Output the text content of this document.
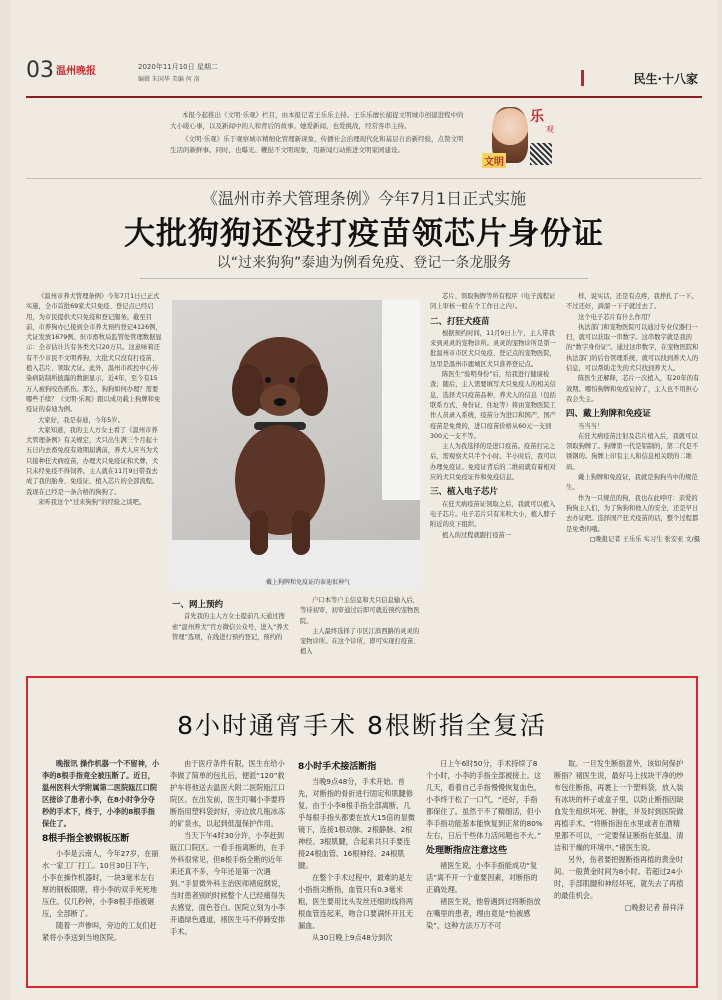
03 温州晚报	2020年11月10日 星期二
编辑 朱国华 美编 何 洛	民生·十八家

本报今起推出《文明·乐观》栏目，由本报记者王乐乐主持。王乐乐擅长捕捉文明城市创建进程中的大小暖心事，以及新闻中的人和背后的故事。她爱新闻，也爱挑战，经常客串主持。

《文明·乐观》乐于观察城市精细化管理新现象，传播社会治理现代化和基层自治新经验，点赞文明生活的新鲜事。同时，也曝光、鞭挞不文明现象，用新闻行动推进文明家园建设。

文明
乐
观
《温州市养犬管理条例》今年7月1日正式实施
大批狗狗还没打疫苗领芯片身份证
以“过来狗狗”泰迪为例看免疫、登记一条龙服务

《温州市养犬管理条例》今年7月1日已正式实施，全市首批69家犬只免疫、登记点已经启用，为市民提供犬只免疫和登记服务。截至目前，市养狗办已接到全市养犬预约登记4126例，犬证发放1679例。但市畜牧局监管处管理数据显示：全市估计共有各类犬只20万只。这意味着还有不少市民不文明养狗，大批犬只没有打疫苗、植入芯片、领取犬证。此外，温州市疾控中心传染病防制所披露的数据显示，近4年，至今有15万人被狗咬伤抓伤。那么，狗狗如何办理？需要哪些手续？《文明·乐观》跟以成功载上狗牌和免疫证的泰迪为例。

大家好，我是泰迪，今年5岁。

大家知道，我的主人方女士看了《温州市养犬管理条例》有关规定，犬只出生满三个月起十五日内去畜免疫有效期届满前，养犬人应当为犬只接种狂犬病疫苗，办理犬只免疫证和犬牌，犬只未经免疫不得饲养。主人就在11月9日带我去成了我的胎身、免疫证、植入芯片的全部流程。我现在已经是一条合格的狗狗了。

来听我这个“过来狗狗”的经验之谈吧。

戴上狗牌和免疫证的泰迪很神气
一、网上预约

首先我的主人方女士提前几天通过搜索“温州养犬”官方微信公众号，进入“养犬管理”选项，在线进行预约登记，预约的

户口本等户主信息和犬只信息输入后，等待初审，初审通过后即可就近预约宠物医院。

主人最终选择了市区江滨西路的灵灵的宠物诊所。在这个诊所，即可实现打疫苗、植入

芯片、领取狗牌等所有程序（电子流程证同上审核一般在个工作日之内）。

二、打狂犬疫苗

根据预约时间，11月9日上午，主人带我来到灵灵的宠物诊所。灵灵的宠物诊所是第一批温州市市区犬只免疫、登记点的宠物医院，这里是温州市鹿城区犬只准养登记点。

陈医生“验明身份”后，给我进行健康检查；随后，主人需要填写犬只免疫人的相关信息，选择犬只疫苗品种，养犬人的信息（包括联系方式、身份证、住址等）将由宠物医院工作人员录入系统，疫苗分为进口和国产，国产疫苗是免费的，进口疫苗价格从60元一支到300元一支不等。

主人为我选择的是进口疫苗。疫苗打完之后，需观察犬只半个小时。半小时后，我可以办理免疫证。免疫证背后的二维码就有着相对应的犬只免疫证件和免疫信息。

三、植入电子芯片

在狂犬病疫苗证领取之后，我就可以植入电子芯片。电子芯片只有米粒大小，植入脖子附近的皮下组织。

植入的过程就跟打疫苗一

样，说实话，还是有点疼，我挣扎了一下。不过还好，滴溜一下子就过去了。

这个电子芯片有什么作用？

执法部门和宠物医院可以通过专业仪器扫一扫，就可以获取一串数字。这串数字就是我的的“数字身份证”。通过这串数字，在宠物医院和执法部门的后台管理系统，就可以找到养犬人的信息，可以帮助走失的犬只找到养犬人。

陈医生还解释，芯片一次植入，有20年的有效期。哪怕狗牌和免疫证掉了，主人也不用担心我会失主。

四、戴上狗牌和免疫证

当当当！

在狂犬病疫苗注射及芯片植入后，我就可以领取狗牌了。狗牌第一代是铝制的，第二代是不锈钢的。狗牌上印有主人和信息相关联的二维码。

戴上狗牌和免疫证，我就是狗狗当中的规范生。

作为一只规范的狗，我也在此呼吁：亲爱的狗狗主人们，为了狗狗和他人的安全，还是早日去办证吧。选择国产狂犬疫苗的话，整个过程都是免费的哦。

□晚报记者 王乐乐 实习生 张安亚 文/摄

8小时通宵手术 8根断指全复活

晚报讯 操作机器一个不留神，小李的8根手指竟全被压断了。近日，温州医科大学附属第二医院瓯江口院区接诊了患者小李，在8小时争分夺秒的手术下，终于，小李的8根手指保住了。

8根手指全被钢板压断

小李是云南人，今年27岁，在丽水一家工厂打工。10月30日下午，小李在操作机器时，一块3毫米左右厚的钢板眼瞎，将小李的双手死死地压住。仅几秒钟，小李8根手指被砸压，全部断了。

随着一声惨叫，旁边的工友们赶紧将小李送到当地医院。

由于医疗条件有限，医生在给小李做了简单的包扎后，便派“120”救护车将他送去温医大附二医院瓯江口院区。在出发前，医生叮嘱小李要将断指用塑料袋封好，旁边放几瓶冰冻的矿泉水，以起到低温保护作用。

当天下午4时30分许，小李赶到瓯江口院区。一看手指离断的，在手外科很常见，但8根手指全断的近年来还真不多，今年还是第一次遇到。”手显微外科主治医师褚庭纲说，当时患者别的时候整个人已经痛得失去感觉，面色苍白。医院立刻为小李开通绿色通道，褚医生马不停蹄安排手术。

8小时手术接活断指

当晚9点48分，手术开始。首先，对断指的骨折进行固定和肌腱修复，由于小李8根手指全部离断，几乎每根手指头都要在放大15倍的显微镜下，连接1根动脉、2根静脉、2根神经、3根肌腱，合起来共只手要连接24根血管、16根神经、24根肌腱。

在整个手术过程中，最难的是左小指指尖断指，血管只有0.3毫米粗，医生要用比头发丝还细的线将两根血管连起来，吻合口要满怀开且无漏血。

从30日晚上9点48分到次

日上午6时50分，手术持续了8个小时，小李的手指全部被接上。这几天，看着自己手指慢慢恢复血色，小李终于松了一口气，“还好，手指都保住了。虽然干不了精细活，但小李手指功能基本能恢复到正常的80%左右，日后干些体力活问题也不大。”

处理断指应注意这些

褚医生说，小李手指能成功“复活”离不开一个重要因素，对断指的正确处理。

褚医生说，他曾遇到过将断指放在嘴里的患者，理由竟是“怕被感染”，这种方法万万不可

取。一旦发生断指意外，该如何保护断指？褚医生说，最好马上找块干净的纱布包住断指，再裹上一个塑料袋，放入装有冰块的杯子或盒子里，以防止断指因缺血发生组织坏死、肿胀，并及时到医院做再植手术。“将断指泡在水里或者在酒精里都不可以，一定要保证断指在低温、清洁和干燥的环境中。”褚医生说。

另外，伤者要把握断指再植的黄金时间。一般黄金时间为8小时。若超过24小时，手部肌腱和神经坏死，就失去了再植的最佳机会。

□晚报记者 薛祥洋
